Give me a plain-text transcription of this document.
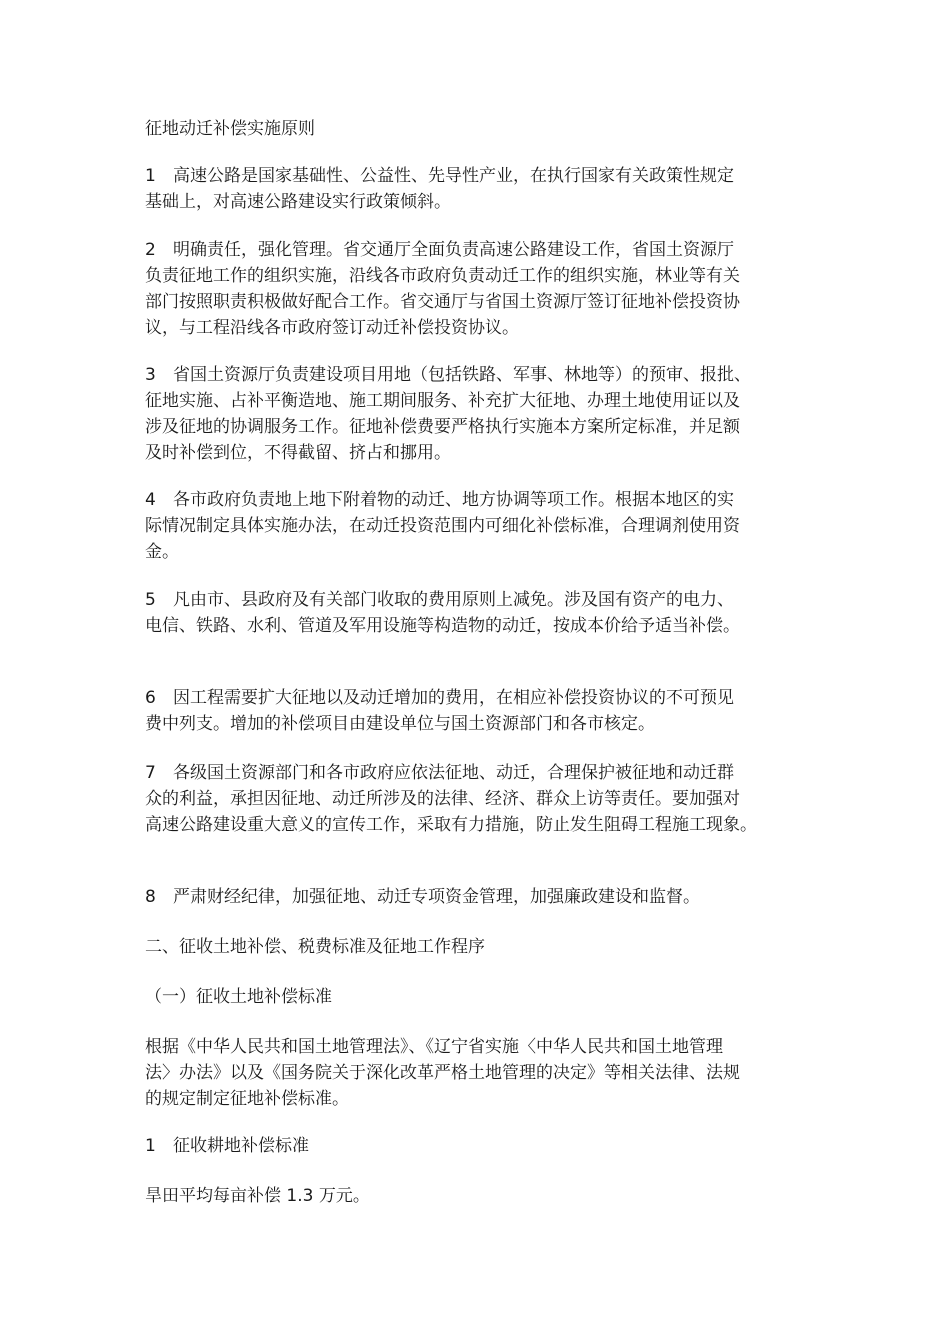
征地动迁补偿实施原则

1 高速公路是国家基础性、公益性、先导性产业，在执行国家有关政策性规定
基础上，对高速公路建设实行政策倾斜。
2 明确责任，强化管理。省交通厅全面负责高速公路建设工作，省国土资源厅
负责征地工作的组织实施，沿线各市政府负责动迁工作的组织实施，林业等有关
部门按照职责积极做好配合工作。省交通厅与省国土资源厅签订征地补偿投资协
议，与工程沿线各市政府签订动迁补偿投资协议。
3 省国土资源厅负责建设项目用地（包括铁路、军事、林地等）的预审、报批、
征地实施、占补平衡造地、施工期间服务、补充扩大征地、办理土地使用证以及
涉及征地的协调服务工作。征地补偿费要严格执行实施本方案所定标准，并足额
及时补偿到位，不得截留、挤占和挪用。
4 各市政府负责地上地下附着物的动迁、地方协调等项工作。根据本地区的实
际情况制定具体实施办法，在动迁投资范围内可细化补偿标准，合理调剂使用资
金。
5 凡由市、县政府及有关部门收取的费用原则上减免。涉及国有资产的电力、
电信、铁路、水利、管道及军用设施等构造物的动迁，按成本价给予适当补偿。
6 因工程需要扩大征地以及动迁增加的费用，在相应补偿投资协议的不可预见
费中列支。增加的补偿项目由建设单位与国土资源部门和各市核定。
7 各级国土资源部门和各市政府应依法征地、动迁，合理保护被征地和动迁群
众的利益，承担因征地、动迁所涉及的法律、经济、群众上访等责任。要加强对
高速公路建设重大意义的宣传工作，采取有力措施，防止发生阻碍工程施工现象。
8 严肃财经纪律，加强征地、动迁专项资金管理，加强廉政建设和监督。

二、征收土地补偿、税费标准及征地工作程序

（一）征收土地补偿标准

根据《中华人民共和国土地管理法》、《辽宁省实施〈中华人民共和国土地管理
法〉办法》以及《国务院关于深化改革严格土地管理的决定》等相关法律、法规
的规定制定征地补偿标准。
1 征收耕地补偿标准

旱田平均每亩补偿 1.3 万元。
